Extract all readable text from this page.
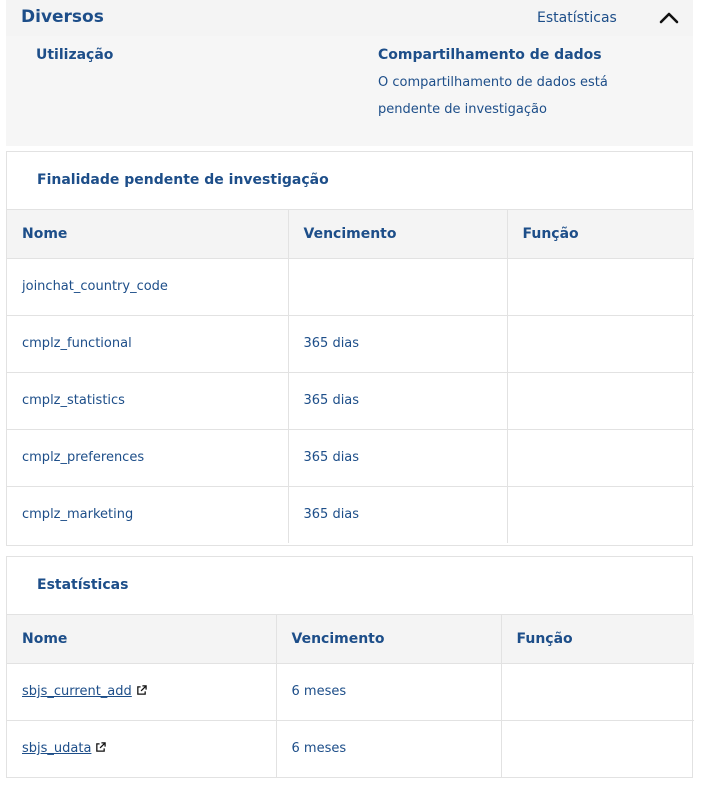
Diversos	Estatísticas
Utilização	Compartilhamento de dados
O compartilhamento de dados está pendente de investigação
Finalidade pendente de investigação
Nome	Vencimento	Função
joinchat_country_code		
cmplz_functional	365 dias	
cmplz_statistics	365 dias	
cmplz_preferences	365 dias	
cmplz_marketing	365 dias	
Estatísticas
Nome	Vencimento	Função
sbjs_current_add	6 meses	
sbjs_udata	6 meses	
